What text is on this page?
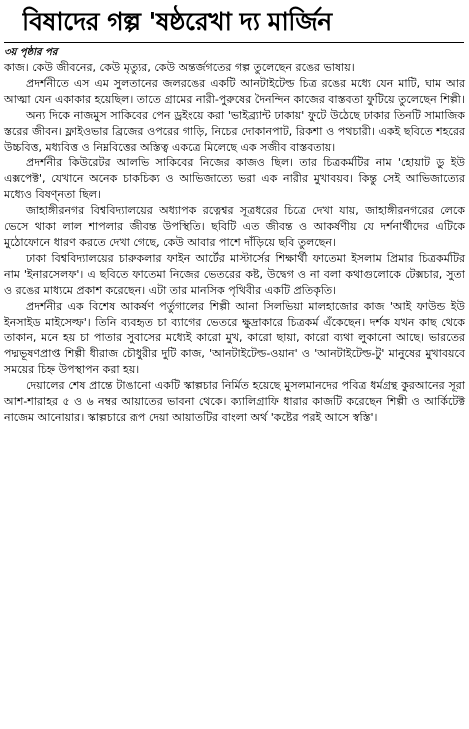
বিষাদের গল্প 'ষষ্ঠরেখা দ্য মার্জিন
৩য় পৃষ্ঠার পর

কাজ। কেউ জীবনের, কেউ মৃত্যুর, কেউ অন্তর্জগতের গল্প তুলেছেন রঙের ভাষায়।

প্রদর্শনীতে এস এম সুলতানের জলরঙের একটি আনটাইটেল্ড চিত্র রঙের মধ্যে যেন মাটি, ঘাম আর আত্মা যেন একাকার হয়েছিল। তাতে গ্রামের নারী-পুরুষের দৈনন্দিন কাজের বাস্তবতা ফুটিয়ে তুলেছেন শিল্পী।

অন্য দিকে নাজমুস সাকিবের পেন ড্রইংয়ে করা 'ভাইব্র্যান্ট ঢাকায়' ফুটে উঠেছে ঢাকার তিনটি সামাজিক স্তরের জীবন। ফ্লাইওভার ব্রিজের ওপরের গাড়ি, নিচের দোকানপাট, রিকশা ও পথচারী। একই ছবিতে শহরের উচ্চবিত্ত, মধ্যবিত্ত ও নিম্নবিত্তের অস্তিত্ব একত্রে মিলেছে এক সজীব বাস্তবতায়।

প্রদর্শনীর কিউরেটর আলভি সাকিবের নিজের কাজও ছিল। তার চিত্রকর্মটির নাম 'হোয়াট ডু ইউ এক্সপেক্ট', যেখানে অনেক চাকচিক্য ও আভিজাত্যে ভরা এক নারীর মুখাবয়ব। কিন্তু সেই আভিজাত্যের মধ্যেও বিষণ্নতা ছিল।

জাহাঙ্গীরনগর বিশ্ববিদ্যালয়ের অধ্যাপক রত্নেশ্বর সূত্রধরের চিত্রে দেখা যায়, জাহাঙ্গীরনগরের লেকে ভেসে থাকা লাল শাপলার জীবন্ত উপস্থিতি। ছবিটি এত জীবন্ত ও আকর্ষণীয় যে দর্শনার্থীদের এটিকে মুঠোফোনে ধারণ করতে দেখা গেছে, কেউ আবার পাশে দাঁড়িয়ে ছবি তুলছেন।

ঢাকা বিশ্ববিদ্যালয়ের চারুকলার ফাইন আর্টের মাস্টার্সের শিক্ষার্থী ফাতেমা ইসলাম প্রিমার চিত্রকর্মটির নাম 'ইনারসেলফ'। এ ছবিতে ফাতেমা নিজের ভেতরের কষ্ট, উদ্বেগ ও না বলা কথাগুলোকে টেক্সচার, সুতা ও রঙের মাধ্যমে প্রকাশ করেছেন। এটা তার মানসিক পৃথিবীর একটি প্রতিকৃতি।

প্রদর্শনীর এক বিশেষ আকর্ষণ পর্তুগালের শিল্পী আনা সিলভিয়া মালহাজোর কাজ 'আই ফাউন্ড ইউ ইনসাইড মাইসেল্ফ'। তিনি ব্যবহৃত চা ব্যাগের ভেতরে ক্ষুদ্রাকারে চিত্রকর্ম এঁকেছেন। দর্শক যখন কাছ থেকে তাকান, মনে হয় চা পাতার সুবাসের মধ্যেই কারো মুখ, কারো ছায়া, কারো ব্যথা লুকানো আছে। ভারতের পদ্মভূষণপ্রাপ্ত শিল্পী ধীরাজ চৌধুরীর দুটি কাজ, 'আনটাইটেল্ড-ওয়ান' ও 'আনটাইটেল্ড-টু' মানুষের মুখাবয়বে সময়ের চিহ্ন উপস্থাপন করা হয়।

দেয়ালের শেষ প্রান্তে টাঙানো একটি স্কাল্পচার নির্মিত হয়েছে মুসলমানদের পবিত্র ধর্মগ্রন্থ কুরআনের সূরা আশ-শারাহর ৫ ও ৬ নম্বর আয়াতের ভাবনা থেকে। ক্যালিগ্রাফি ধারার কাজটি করেছেন শিল্পী ও আর্কিটেক্ট নাজেম আনোয়ার। স্কাল্পচারে রূপ দেয়া আয়াতটির বাংলা অর্থ 'কষ্টের পরই আসে স্বস্তি'।
